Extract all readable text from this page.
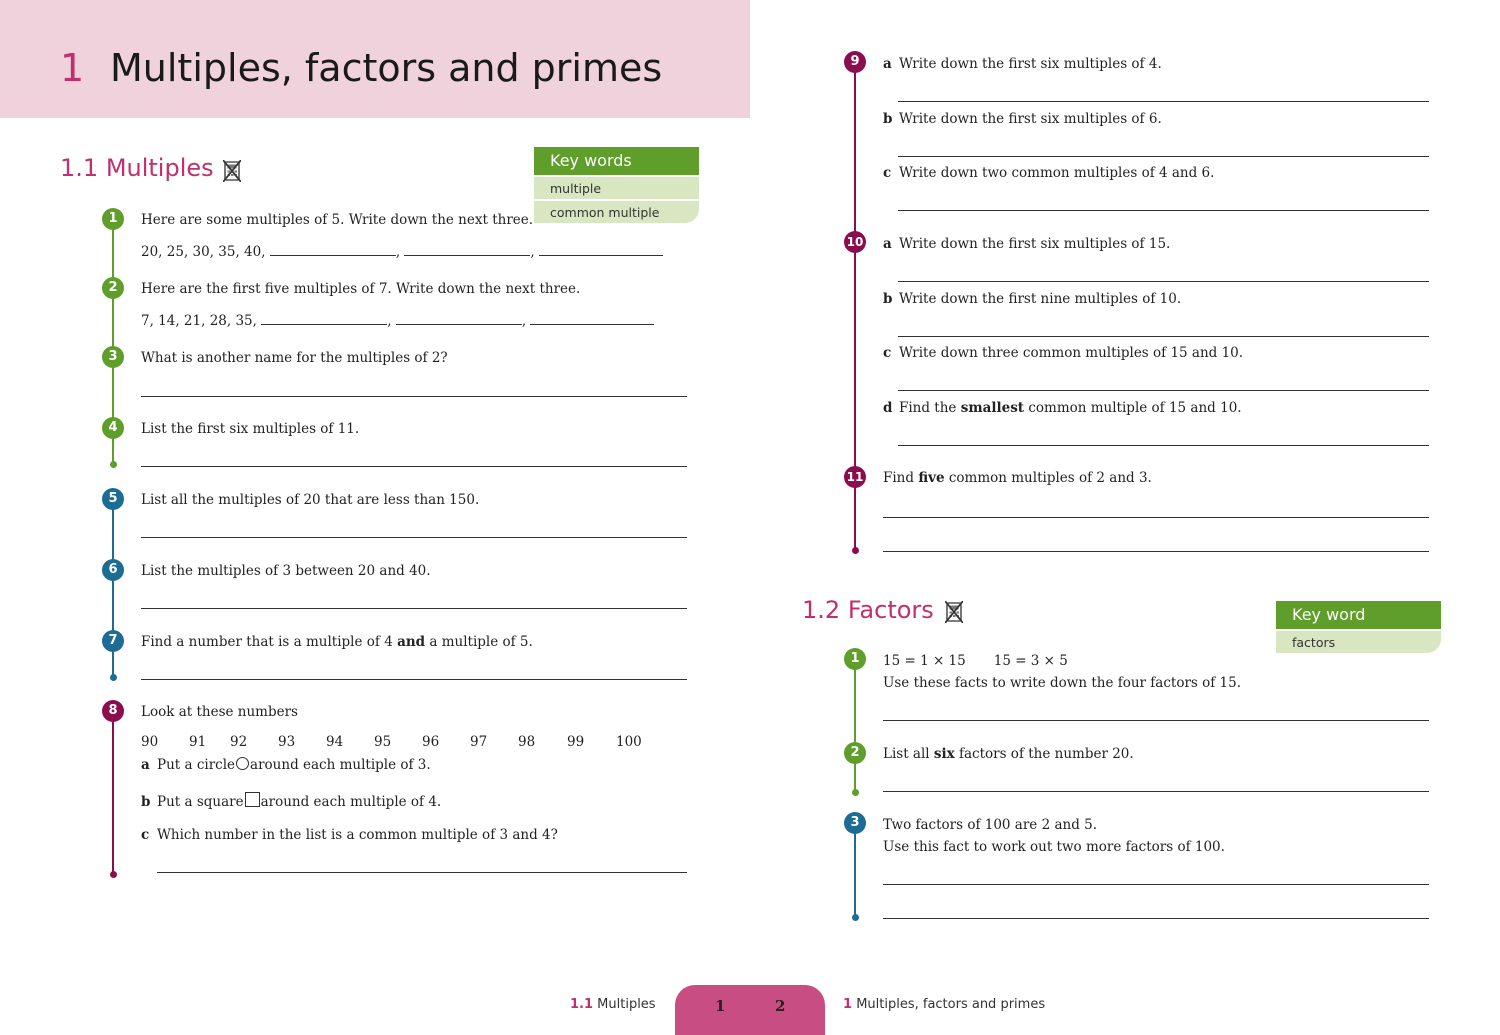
1 Multiples, factors and primes
1.1 Multiples	Key words
multiple
common multiple
1	Here are some multiples of 5. Write down the next three.
20, 25, 30, 35, 40,	,	,
2	Here are the first five multiples of 7. Write down the next three.
7, 14, 21, 28, 35,	,	,
3	What is another name for the multiples of 2?
4	List the first six multiples of 11.
5	List all the multiples of 20 that are less than 150.
6	List the multiples of 3 between 20 and 40.
7	Find a number that is a multiple of 4 and a multiple of 5.
8	Look at these numbers
90 91 92 93 94 95 96 97 98 99 100
a Put a circle around each multiple of 3.
b Put a square around each multiple of 4.
c Which number in the list is a common multiple of 3 and 4?
9	a Write down the first six multiples of 4.
b Write down the first six multiples of 6.
c Write down two common multiples of 4 and 6.
10 a Write down the first six multiples of 15.
b Write down the first nine multiples of 10.
c Write down three common multiples of 15 and 10.
d Find the smallest common multiple of 15 and 10.
11 Find five common multiples of 2 and 3.
1.2 Factors	Key word
factors
1	15 = 1 × 15 15 = 3 × 5
Use these facts to write down the four factors of 15.
2	List all six factors of the number 20.
3	Two factors of 100 are 2 and 5.
Use this fact to work out two more factors of 100.
1.1 Multiples	1	2	1 Multiples, factors and primes
